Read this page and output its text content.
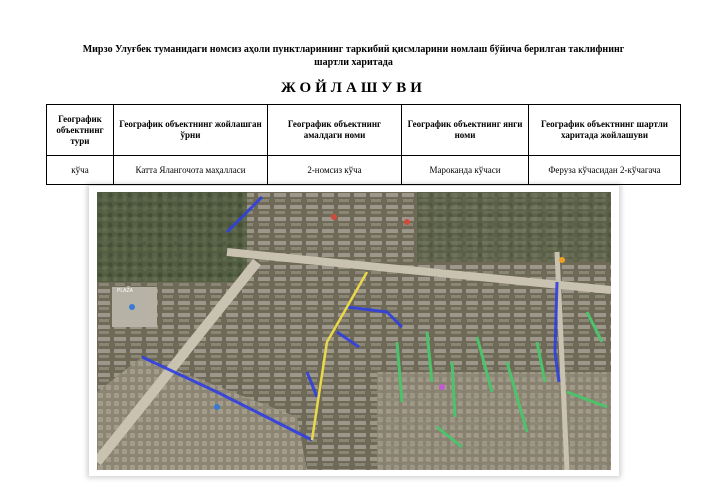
Мирзо Улуғбек туманидаги номсиз аҳоли пунктларининг таркибий қисмларини номлаш бўйича берилган таклифнинг
шартли харитада
ЖОЙЛАШУВИ
Географик объектнинг тури	Географик объектнинг жойлашган ўрни	Географик объектнинг амалдаги номи	Географик объектнинг янги номи	Географик объектнинг шартли харитада жойлашуви
кўча	Катта Ялангочота маҳалласи	2-номсиз кўча	Мароканда кўчаси	Феруза кўчасидан 2-кўчагача
PLAZA
